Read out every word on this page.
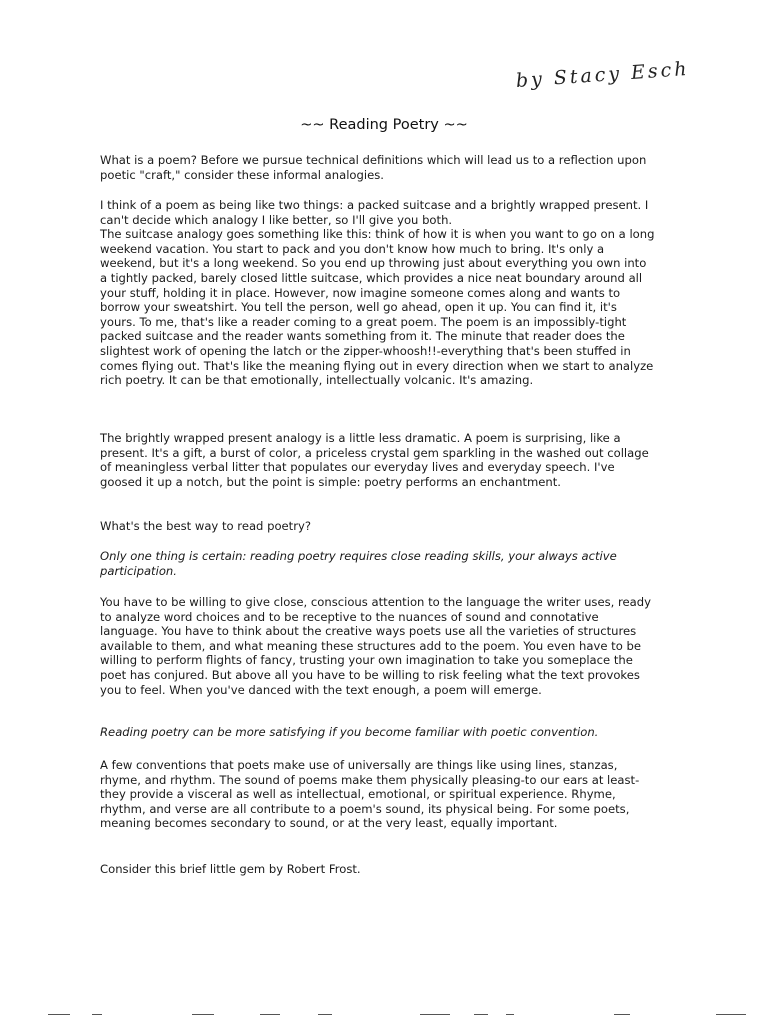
by Stacy Esch
~~ Reading Poetry ~~

What is a poem? Before we pursue technical definitions which will lead us to a reflection upon poetic "craft," consider these informal analogies.

I think of a poem as being like two things: a packed suitcase and a brightly wrapped present. I can't decide which analogy I like better, so I'll give you both.

The suitcase analogy goes something like this: think of how it is when you want to go on a long weekend vacation. You start to pack and you don't know how much to bring. It's only a weekend, but it's a long weekend. So you end up throwing just about everything you own into a tightly packed, barely closed little suitcase, which provides a nice neat boundary around all your stuff, holding it in place. However, now imagine someone comes along and wants to borrow your sweatshirt. You tell the person, well go ahead, open it up. You can find it, it's yours. To me, that's like a reader coming to a great poem. The poem is an impossibly-tight packed suitcase and the reader wants something from it. The minute that reader does the slightest work of opening the latch or the zipper-whoosh!!-everything that's been stuffed in comes flying out. That's like the meaning flying out in every direction when we start to analyze rich poetry. It can be that emotionally, intellectually volcanic. It's amazing.

The brightly wrapped present analogy is a little less dramatic. A poem is surprising, like a present. It's a gift, a burst of color, a priceless crystal gem sparkling in the washed out collage of meaningless verbal litter that populates our everyday lives and everyday speech. I've goosed it up a notch, but the point is simple: poetry performs an enchantment.

What's the best way to read poetry?

Only one thing is certain: reading poetry requires close reading skills, your always active participation.

You have to be willing to give close, conscious attention to the language the writer uses, ready to analyze word choices and to be receptive to the nuances of sound and connotative language. You have to think about the creative ways poets use all the varieties of structures available to them, and what meaning these structures add to the poem. You even have to be willing to perform flights of fancy, trusting your own imagination to take you someplace the poet has conjured. But above all you have to be willing to risk feeling what the text provokes you to feel. When you've danced with the text enough, a poem will emerge.

Reading poetry can be more satisfying if you become familiar with poetic convention.

A few conventions that poets make use of universally are things like using lines, stanzas, rhyme, and rhythm. The sound of poems make them physically pleasing-to our ears at least-they provide a visceral as well as intellectual, emotional, or spiritual experience. Rhyme, rhythm, and verse are all contribute to a poem's sound, its physical being. For some poets, meaning becomes secondary to sound, or at the very least, equally important.

Consider this brief little gem by Robert Frost.
